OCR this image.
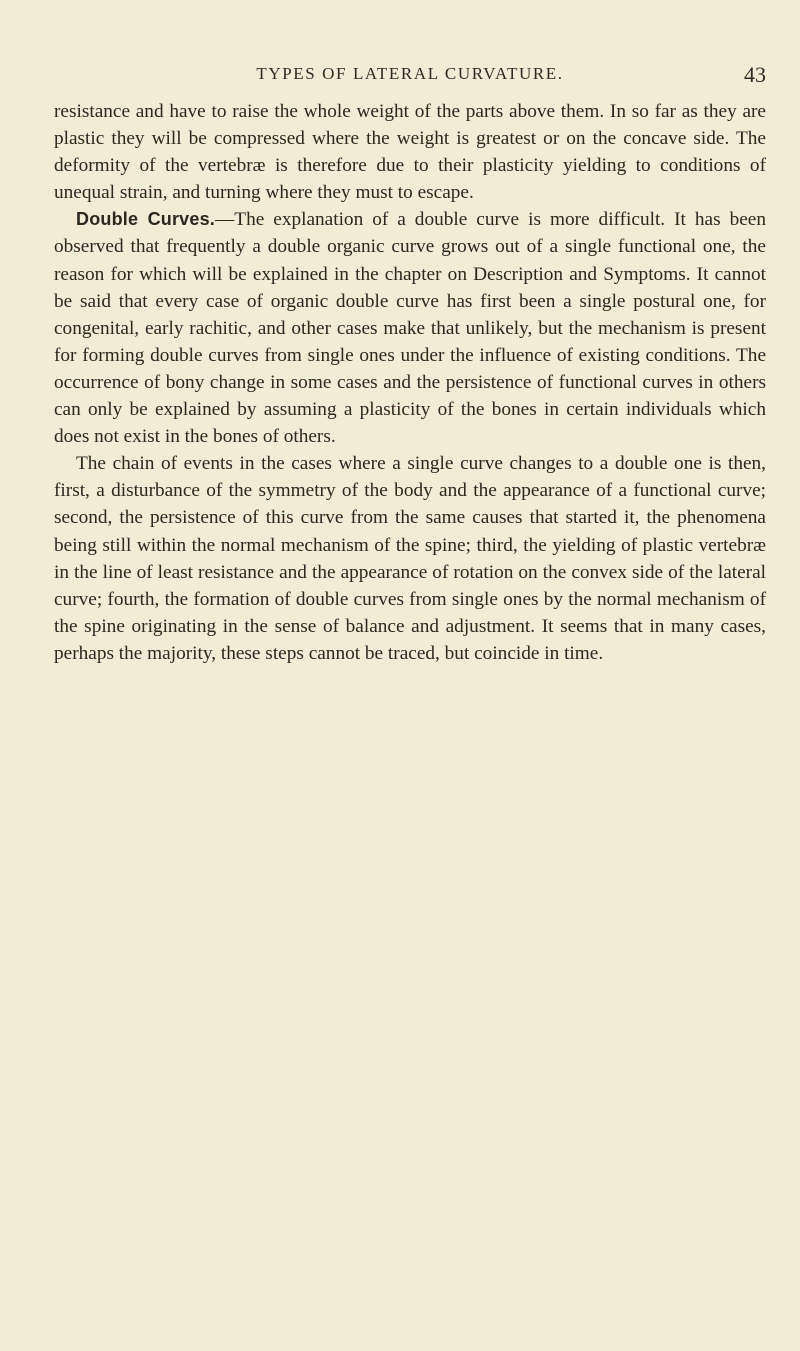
TYPES OF LATERAL CURVATURE.	43

resistance and have to raise the whole weight of the parts above them. In so far as they are plastic they will be compressed where the weight is greatest or on the concave side. The deformity of the vertebræ is therefore due to their plasticity yielding to conditions of unequal strain, and turning where they must to escape.

Double Curves.—The explanation of a double curve is more difficult. It has been observed that frequently a double organic curve grows out of a single functional one, the reason for which will be explained in the chapter on Description and Symptoms. It cannot be said that every case of organic double curve has first been a single postural one, for congenital, early rachitic, and other cases make that unlikely, but the mechanism is present for forming double curves from single ones under the influence of existing conditions. The occurrence of bony change in some cases and the persistence of functional curves in others can only be explained by assuming a plasticity of the bones in certain individuals which does not exist in the bones of others.

The chain of events in the cases where a single curve changes to a double one is then, first, a disturbance of the symmetry of the body and the appearance of a functional curve; second, the persistence of this curve from the same causes that started it, the phenomena being still within the normal mechanism of the spine; third, the yielding of plastic vertebræ in the line of least resistance and the appearance of rotation on the convex side of the lateral curve; fourth, the formation of double curves from single ones by the normal mechanism of the spine originating in the sense of balance and adjustment. It seems that in many cases, perhaps the majority, these steps cannot be traced, but coincide in time.
